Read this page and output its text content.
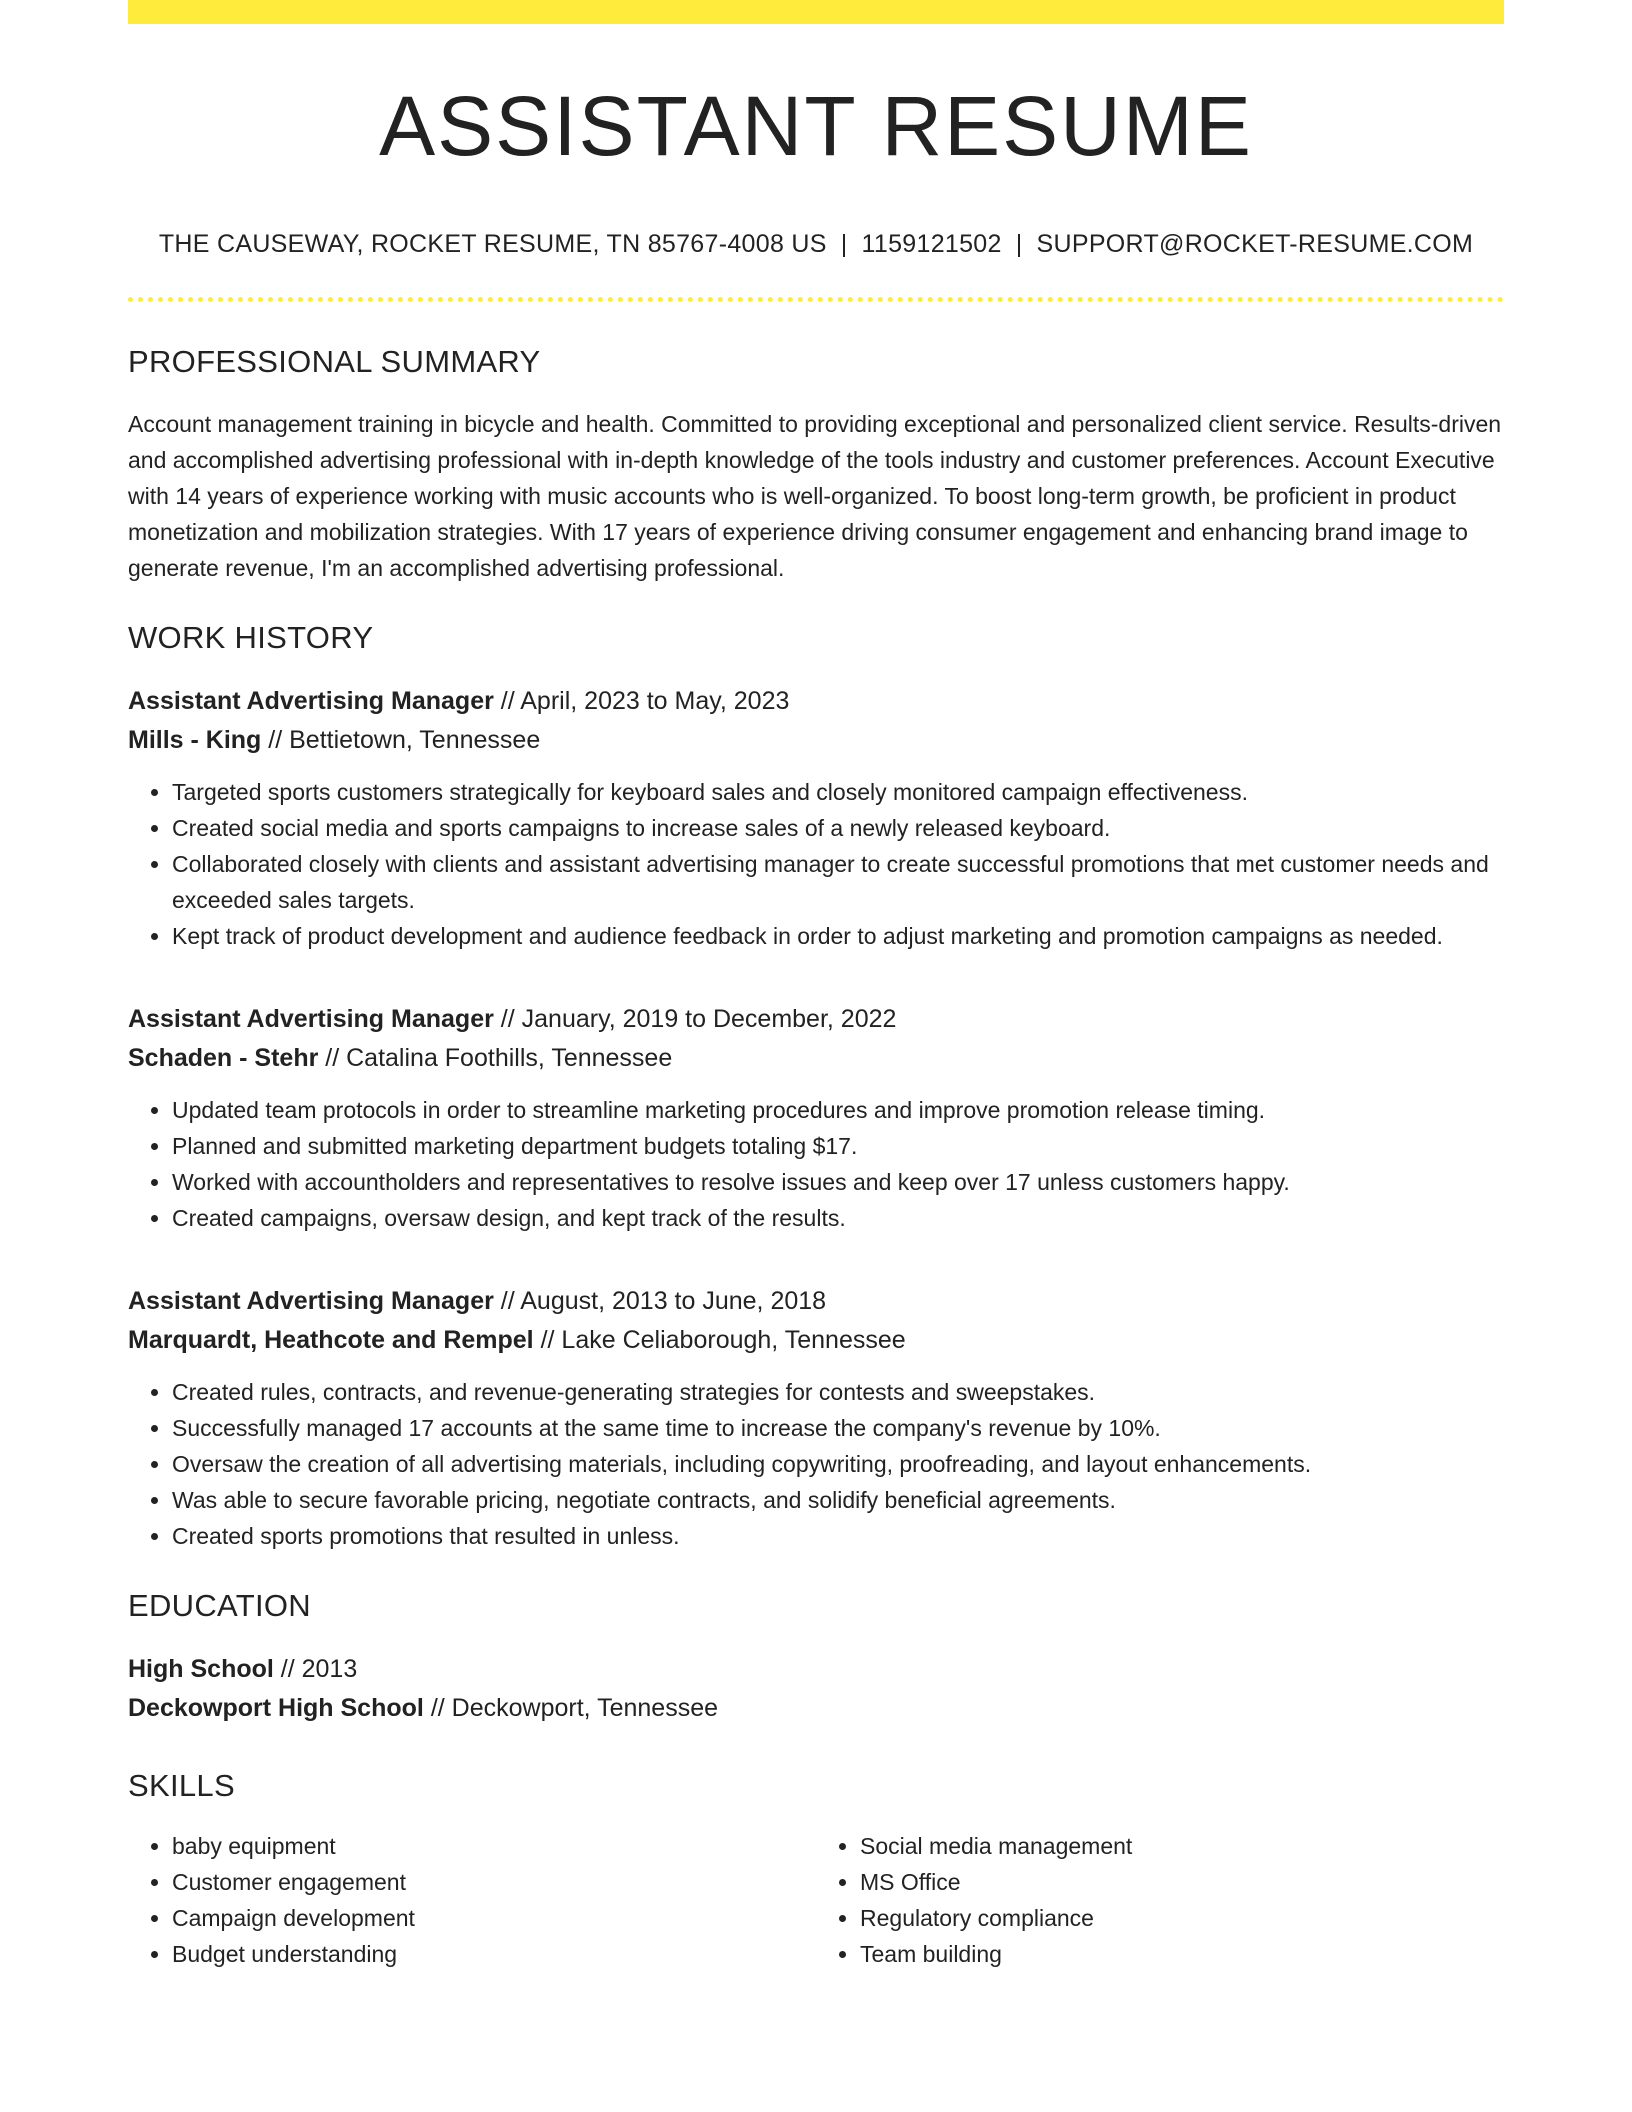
ASSISTANT RESUME
THE CAUSEWAY, ROCKET RESUME, TN 85767-4008 US | 1159121502 | SUPPORT@ROCKET-RESUME.COM
PROFESSIONAL SUMMARY
Account management training in bicycle and health. Committed to providing exceptional and personalized client service. Results-driven and accomplished advertising professional with in-depth knowledge of the tools industry and customer preferences. Account Executive with 14 years of experience working with music accounts who is well-organized. To boost long-term growth, be proficient in product monetization and mobilization strategies. With 17 years of experience driving consumer engagement and enhancing brand image to generate revenue, I'm an accomplished advertising professional.
WORK HISTORY
Assistant Advertising Manager // April, 2023 to May, 2023
Mills - King // Bettietown, Tennessee
• Targeted sports customers strategically for keyboard sales and closely monitored campaign effectiveness.
• Created social media and sports campaigns to increase sales of a newly released keyboard.
• Collaborated closely with clients and assistant advertising manager to create successful promotions that met customer needs and exceeded sales targets.
• Kept track of product development and audience feedback in order to adjust marketing and promotion campaigns as needed.
Assistant Advertising Manager // January, 2019 to December, 2022
Schaden - Stehr // Catalina Foothills, Tennessee
• Updated team protocols in order to streamline marketing procedures and improve promotion release timing.
• Planned and submitted marketing department budgets totaling $17.
• Worked with accountholders and representatives to resolve issues and keep over 17 unless customers happy.
• Created campaigns, oversaw design, and kept track of the results.
Assistant Advertising Manager // August, 2013 to June, 2018
Marquardt, Heathcote and Rempel // Lake Celiaborough, Tennessee
• Created rules, contracts, and revenue-generating strategies for contests and sweepstakes.
• Successfully managed 17 accounts at the same time to increase the company's revenue by 10%.
• Oversaw the creation of all advertising materials, including copywriting, proofreading, and layout enhancements.
• Was able to secure favorable pricing, negotiate contracts, and solidify beneficial agreements.
• Created sports promotions that resulted in unless.
EDUCATION
High School // 2013
Deckowport High School // Deckowport, Tennessee
SKILLS
• baby equipment
• Customer engagement
• Campaign development
• Budget understanding
• Social media management
• MS Office
• Regulatory compliance
• Team building
